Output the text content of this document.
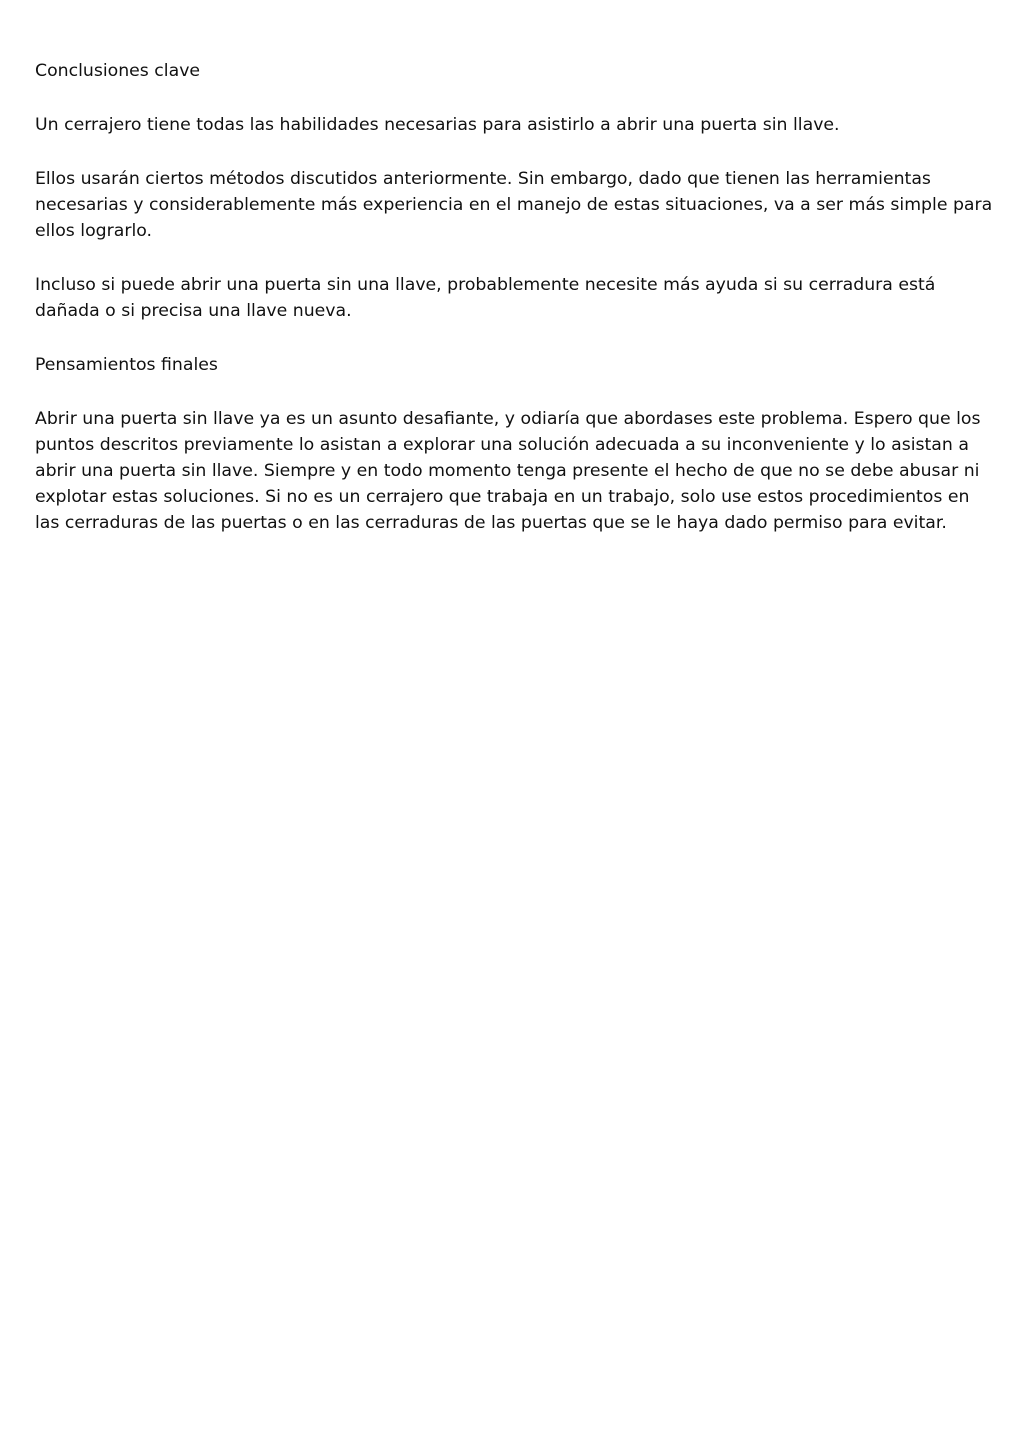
Conclusiones clave

Un cerrajero tiene todas las habilidades necesarias para asistirlo a abrir una puerta sin llave.

Ellos usarán ciertos métodos discutidos anteriormente. Sin embargo, dado que tienen las herramientas necesarias y considerablemente más experiencia en el manejo de estas situaciones, va a ser más simple para ellos lograrlo.

Incluso si puede abrir una puerta sin una llave, probablemente necesite más ayuda si su cerradura está dañada o si precisa una llave nueva.

Pensamientos finales

Abrir una puerta sin llave ya es un asunto desafiante, y odiaría que abordases este problema. Espero que los puntos descritos previamente lo asistan a explorar una solución adecuada a su inconveniente y lo asistan a abrir una puerta sin llave. Siempre y en todo momento tenga presente el hecho de que no se debe abusar ni explotar estas soluciones. Si no es un cerrajero que trabaja en un trabajo, solo use estos procedimientos en las cerraduras de las puertas o en las cerraduras de las puertas que se le haya dado permiso para evitar.
